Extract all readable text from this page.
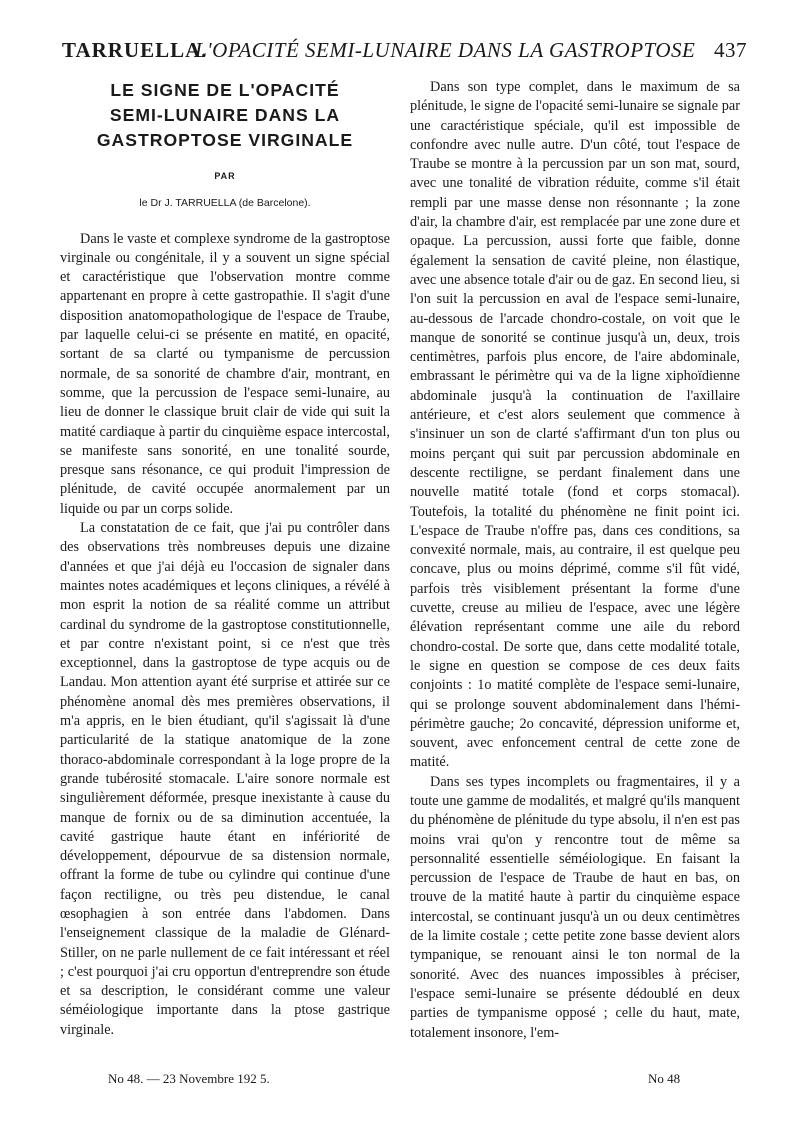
TARRUELLA.
L'OPACITÉ SEMI-LUNAIRE DANS LA GASTROPTOSE 437
LE SIGNE DE L'OPACITÉ
SEMI-LUNAIRE DANS LA
GASTROPTOSE VIRGINALE
PAR
le Dr J. TARRUELLA (de Barcelone).

Dans le vaste et complexe syndrome de la gastroptose virginale ou congénitale, il y a souvent un signe spécial et caractéristique que l'observation montre comme appartenant en propre à cette gastropathie. Il s'agit d'une disposition anatomopathologique de l'espace de Traube, par laquelle celui-ci se présente en matité, en opacité, sortant de sa clarté ou tympanisme de percussion normale, de sa sonorité de chambre d'air, montrant, en somme, que la percussion de l'espace semi-lunaire, au lieu de donner le classique bruit clair de vide qui suit la matité cardiaque à partir du cinquième espace intercostal, se manifeste sans sonorité, en une tonalité sourde, presque sans résonance, ce qui produit l'impression de plénitude, de cavité occupée anormalement par un liquide ou par un corps solide.

La constatation de ce fait, que j'ai pu contrôler dans des observations très nombreuses depuis une dizaine d'années et que j'ai déjà eu l'occasion de signaler dans maintes notes académiques et leçons cliniques, a révélé à mon esprit la notion de sa réalité comme un attribut cardinal du syndrome de la gastroptose constitutionnelle, et par contre n'existant point, si ce n'est que très exceptionnel, dans la gastroptose de type acquis ou de Landau. Mon attention ayant été surprise et attirée sur ce phénomène anomal dès mes premières observations, il m'a appris, en le bien étudiant, qu'il s'agissait là d'une particularité de la statique anatomique de la zone thoraco-abdominale correspondant à la loge propre de la grande tubérosité stomacale. L'aire sonore normale est singulièrement déformée, presque inexistante à cause du manque de fornix ou de sa diminution accentuée, la cavité gastrique haute étant en infériorité de développement, dépourvue de sa distension normale, offrant la forme de tube ou cylindre qui continue d'une façon rectiligne, ou très peu distendue, le canal œsophagien à son entrée dans l'abdomen. Dans l'enseignement classique de la maladie de Glénard-Stiller, on ne parle nullement de ce fait intéressant et réel ; c'est pourquoi j'ai cru opportun d'entreprendre son étude et sa description, le considérant comme une valeur séméiologique importante dans la ptose gastrique virginale.

Dans son type complet, dans le maximum de sa plénitude, le signe de l'opacité semi-lunaire se signale par une caractéristique spéciale, qu'il est impossible de confondre avec nulle autre. D'un côté, tout l'espace de Traube se montre à la percussion par un son mat, sourd, avec une tonalité de vibration réduite, comme s'il était rempli par une masse dense non résonnante ; la zone d'air, la chambre d'air, est remplacée par une zone dure et opaque. La percussion, aussi forte que faible, donne également la sensation de cavité pleine, non élastique, avec une absence totale d'air ou de gaz. En second lieu, si l'on suit la percussion en aval de l'espace semi-lunaire, au-dessous de l'arcade chondro-costale, on voit que le manque de sonorité se continue jusqu'à un, deux, trois centimètres, parfois plus encore, de l'aire abdominale, embrassant le périmètre qui va de la ligne xiphoïdienne abdominale jusqu'à la continuation de l'axillaire antérieure, et c'est alors seulement que commence à s'insinuer un son de clarté s'affirmant d'un ton plus ou moins perçant qui suit par percussion abdominale en descente rectiligne, se perdant finalement dans une nouvelle matité totale (fond et corps stomacal). Toutefois, la totalité du phénomène ne finit point ici. L'espace de Traube n'offre pas, dans ces conditions, sa convexité normale, mais, au contraire, il est quelque peu concave, plus ou moins déprimé, comme s'il fût vidé, parfois très visiblement présentant la forme d'une cuvette, creuse au milieu de l'espace, avec une légère élévation représentant comme une aile du rebord chondro-costal. De sorte que, dans cette modalité totale, le signe en question se compose de ces deux faits conjoints : 1o matité complète de l'espace semi-lunaire, qui se prolonge souvent abdominalement dans l'hémipérimètre gauche; 2o concavité, dépression uniforme et, souvent, avec enfoncement central de cette zone de matité.

Dans ses types incomplets ou fragmentaires, il y a toute une gamme de modalités, et malgré qu'ils manquent du phénomène de plénitude du type absolu, il n'en est pas moins vrai qu'on y rencontre tout de même sa personnalité essentielle séméiologique. En faisant la percussion de l'espace de Traube de haut en bas, on trouve de la matité haute à partir du cinquième espace intercostal, se continuant jusqu'à un ou deux centimètres de la limite costale ; cette petite zone basse devient alors tympanique, se renouant ainsi le ton normal de la sonorité. Avec des nuances impossibles à préciser, l'espace semi-lunaire se présente dédoublé en deux parties de tympanisme opposé ; celle du haut, mate, totalement insonore, l'em-

No 48. — 23 Novembre 192 5.	No 48
